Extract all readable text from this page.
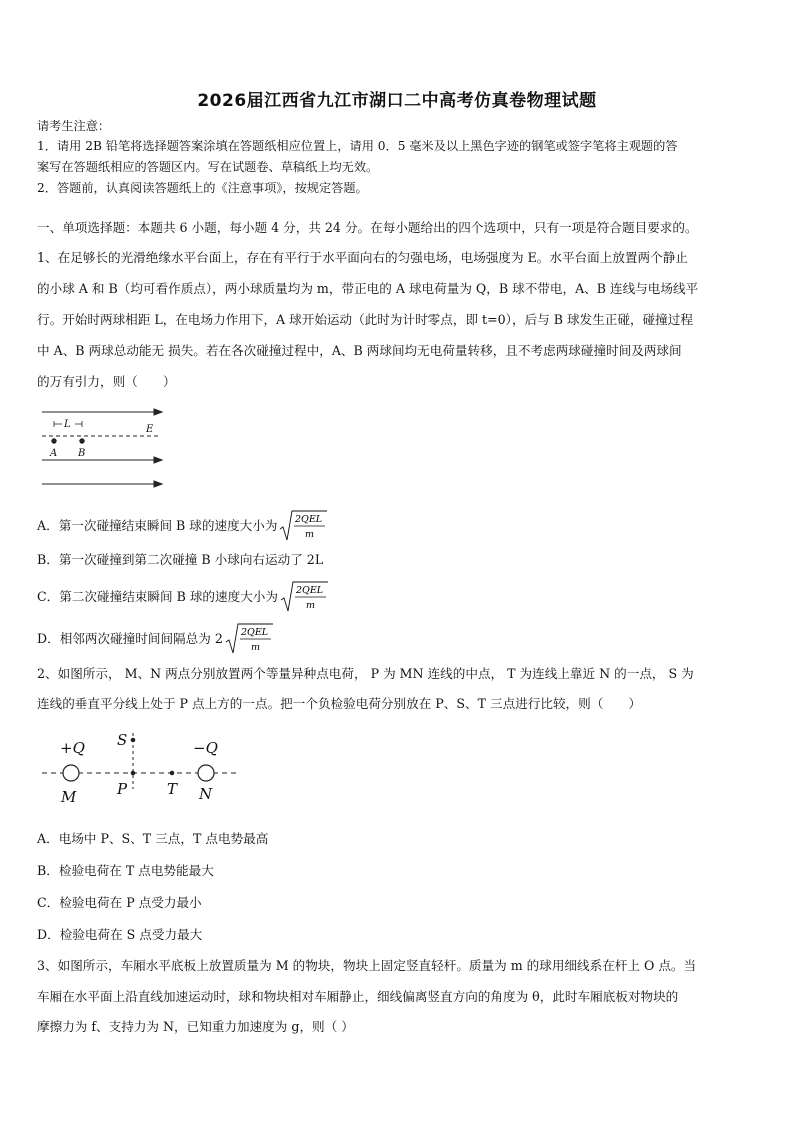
2026届江西省九江市湖口二中高考仿真卷物理试题
请考生注意：
1．请用 2B 铅笔将选择题答案涂填在答题纸相应位置上，请用 0．5 毫米及以上黑色字迹的钢笔或签字笔将主观题的答
案写在答题纸相应的答题区内。写在试题卷、草稿纸上均无效。
2．答题前，认真阅读答题纸上的《注意事项》，按规定答题。
一、单项选择题：本题共 6 小题，每小题 4 分，共 24 分。在每小题给出的四个选项中，只有一项是符合题目要求的。
1、在足够长的光滑绝缘水平台面上，存在有平行于水平面向右的匀强电场，电场强度为 E。水平台面上放置两个静止
的小球 A 和 B（均可看作质点），两小球质量均为 m，带正电的 A 球电荷量为 Q，B 球不带电，A、B 连线与电场线平
行。开始时两球相距 L，在电场力作用下，A 球开始运动（此时为计时零点，即 t=0），后与 B 球发生正碰，碰撞过程
中 A、B 两球总动能无 损失。若在各次碰撞过程中，A、B 两球间均无电荷量转移，且不考虑两球碰撞时间及两球间
的万有引力，则（　　）
L	E
A B
A．第一次碰撞结束瞬间 B 球的速度大小为 2QEL
m
B．第一次碰撞到第二次碰撞 B 小球向右运动了 2L
C．第二次碰撞结束瞬间 B 球的速度大小为 2QEL
m
D．相邻两次碰撞时间间隔总为 2 2QEL
m
2、如图所示， M、N 两点分别放置两个等量异种点电荷， P 为 MN 连线的中点， T 为连线上靠近 N 的一点， S 为
连线的垂直平分线上处于 P 点上方的一点。把一个负检验电荷分别放在 P、S、T 三点进行比较，则（　　）
+Q	−Q
S
M	P	T N
A．电场中 P、S、T 三点，T 点电势最高
B．检验电荷在 T 点电势能最大
C．检验电荷在 P 点受力最小
D．检验电荷在 S 点受力最大
3、如图所示，车厢水平底板上放置质量为 M 的物块，物块上固定竖直轻杆。质量为 m 的球用细线系在杆上 O 点。当
车厢在水平面上沿直线加速运动时，球和物块相对车厢静止，细线偏离竖直方向的角度为 θ，此时车厢底板对物块的
摩擦力为 f、支持力为 N，已知重力加速度为 g，则（ ）
